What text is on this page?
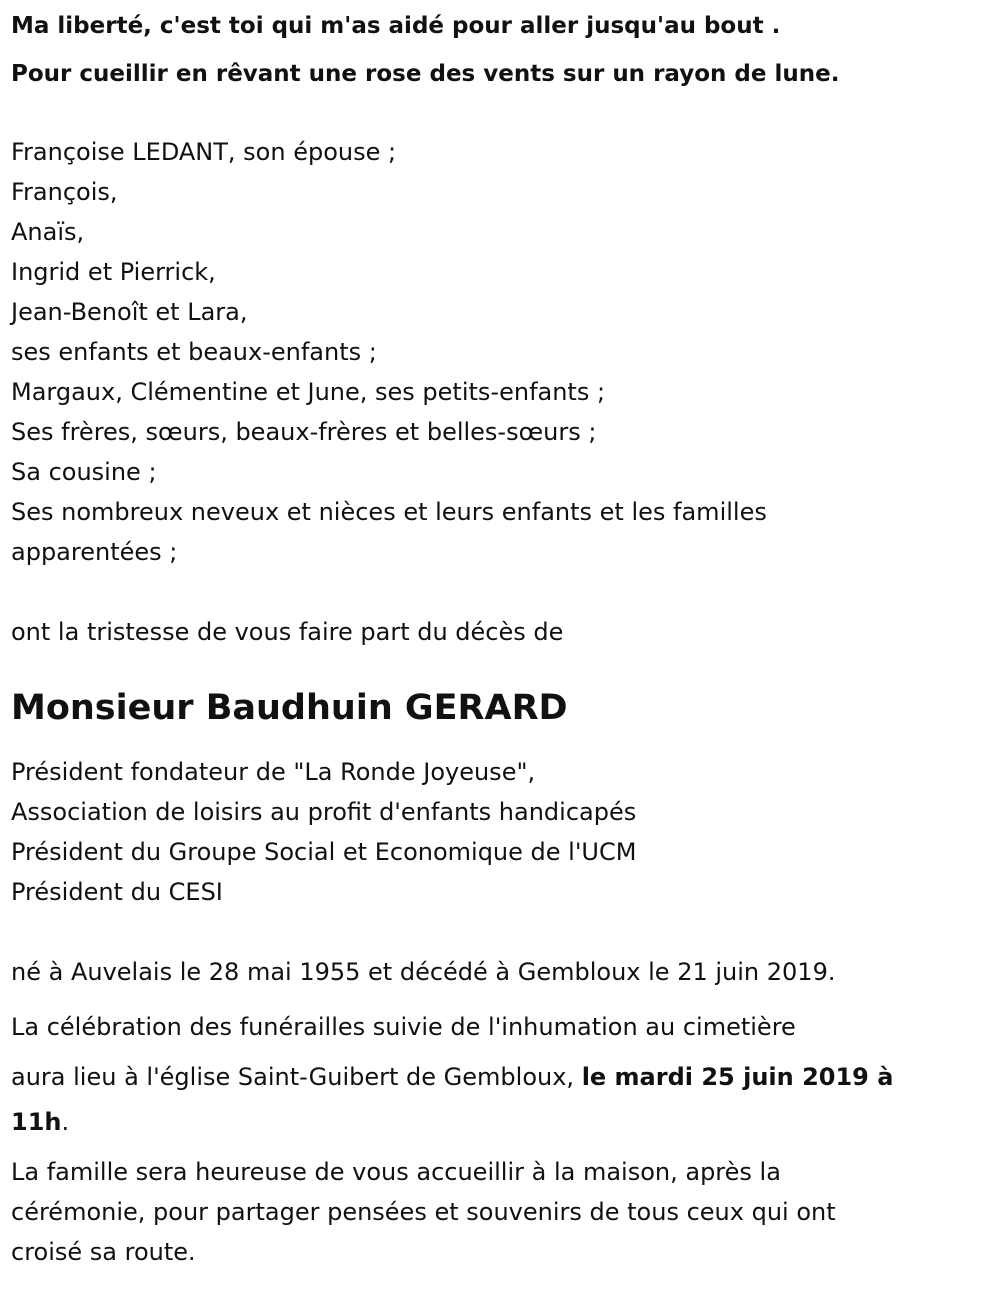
Ma liberté, c'est toi qui m'as aidé pour aller jusqu'au bout .
Pour cueillir en rêvant une rose des vents sur un rayon de lune.
Françoise LEDANT, son épouse ;
François,
Anaïs,
Ingrid et Pierrick,
Jean-Benoît et Lara,
ses enfants et beaux-enfants ;
Margaux, Clémentine et June, ses petits-enfants ;
Ses frères, sœurs, beaux-frères et belles-sœurs ;
Sa cousine ;
Ses nombreux neveux et nièces et leurs enfants et les familles
apparentées ;
ont la tristesse de vous faire part du décès de
Monsieur Baudhuin GERARD
Président fondateur de "La Ronde Joyeuse",
Association de loisirs au profit d'enfants handicapés
Président du Groupe Social et Economique de l'UCM
Président du CESI
né à Auvelais le 28 mai 1955 et décédé à Gembloux le 21 juin 2019.
La célébration des funérailles suivie de l'inhumation au cimetière
aura lieu à l'église Saint-Guibert de Gembloux, le mardi 25 juin 2019 à
11h.
La famille sera heureuse de vous accueillir à la maison, après la
cérémonie, pour partager pensées et souvenirs de tous ceux qui ont
croisé sa route.
